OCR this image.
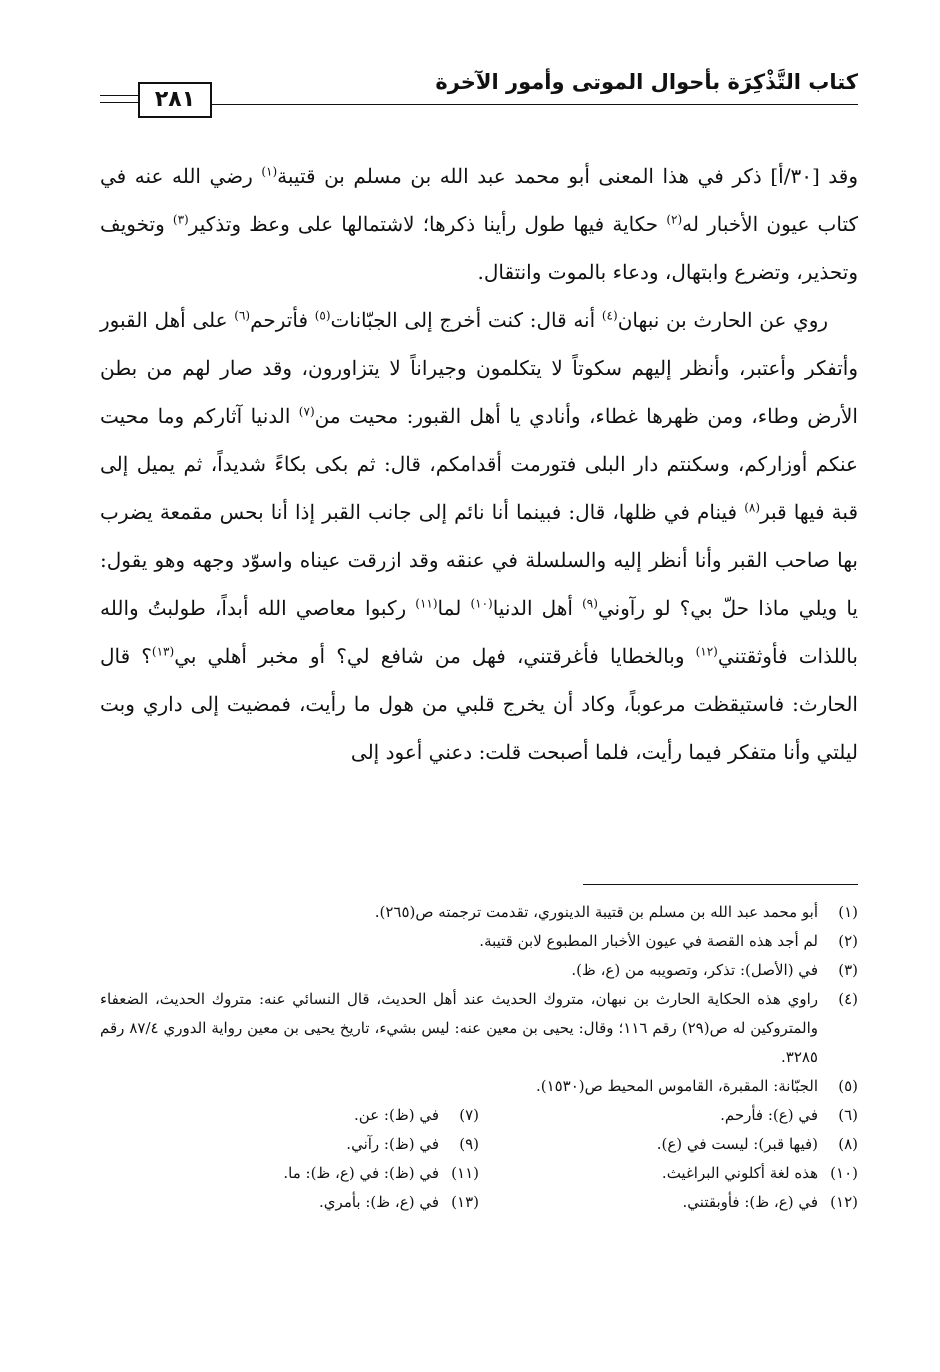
كتاب التَّذْكِرَة بأحوال الموتى وأمور الآخرة
٢٨١

وقد [٣٠/أ] ذكر في هذا المعنى أبو محمد عبد الله بن مسلم بن قتيبة$^{(١)}$ رضي الله عنه في كتاب عيون الأخبار له$^{(٢)}$ حكاية فيها طول رأينا ذكرها؛ لاشتمالها على وعظ وتذكير$^{(٣)}$ وتخويف وتحذير، وتضرع وابتهال، ودعاء بالموت وانتقال.

روي عن الحارث بن نبهان$^{(٤)}$ أنه قال: كنت أخرج إلى الجبّانات$^{(٥)}$ فأترحم$^{(٦)}$ على أهل القبور وأتفكر وأعتبر، وأنظر إليهم سكوتاً لا يتكلمون وجيراناً لا يتزاورون، وقد صار لهم من بطن الأرض وطاء، ومن ظهرها غطاء، وأنادي يا أهل القبور: محيت من$^{(٧)}$ الدنيا آثاركم وما محيت عنكم أوزاركم، وسكنتم دار البلى فتورمت أقدامكم، قال: ثم بكى بكاءً شديداً، ثم يميل إلى قبة فيها قبر$^{(٨)}$ فينام في ظلها، قال: فبينما أنا نائم إلى جانب القبر إذا أنا بحس مقمعة يضرب بها صاحب القبر وأنا أنظر إليه والسلسلة في عنقه وقد ازرقت عيناه واسوّد وجهه وهو يقول: يا ويلي ماذا حلّ بي؟ لو رآوني$^{(٩)}$ أهل الدنيا$^{(١٠)}$ لما$^{(١١)}$ ركبوا معاصي الله أبداً، طولبتُ والله باللذات فأوثقتني$^{(١٢)}$ وبالخطايا فأغرقتني، فهل من شافع لي؟ أو مخبر أهلي بي$^{(١٣)}$؟ قال الحارث: فاستيقظت مرعوباً، وكاد أن يخرج قلبي من هول ما رأيت، فمضيت إلى داري وبت ليلتي وأنا متفكر فيما رأيت، فلما أصبحت قلت: دعني أعود إلى

(١)
أبو محمد عبد الله بن مسلم بن قتيبة الدينوري، تقدمت ترجمته ص(٢٦٥).
(٢)
لم أجد هذه القصة في عيون الأخبار المطبوع لابن قتيبة.
(٣)
في (الأصل): تذكر، وتصويبه من (ع، ظ).
(٤)
راوي هذه الحكاية الحارث بن نبهان، متروك الحديث عند أهل الحديث، قال النسائي عنه: متروك الحديث، الضعفاء والمتروكين له ص(٢٩) رقم ١١٦؛ وقال: يحيى بن معين عنه: ليس بشيء، تاريخ يحيى بن معين رواية الدوري ٨٧/٤ رقم ٣٢٨٥.
(٥)
الجبّانة: المقبرة، القاموس المحيط ص(١٥٣٠).
(٦)
في (ع): فأرحم.
(٧)
في (ظ): عن.
(٨)
(فيها قبر): ليست في (ع).
(٩)
في (ظ): رآني.
(١٠)
هذه لغة أكلوني البراغيث.
(١١)
في (ظ): في (ع، ظ): ما.
(١٢)
في (ع، ظ): فأوبقتني.
(١٣)
في (ع، ظ): بأمري.
